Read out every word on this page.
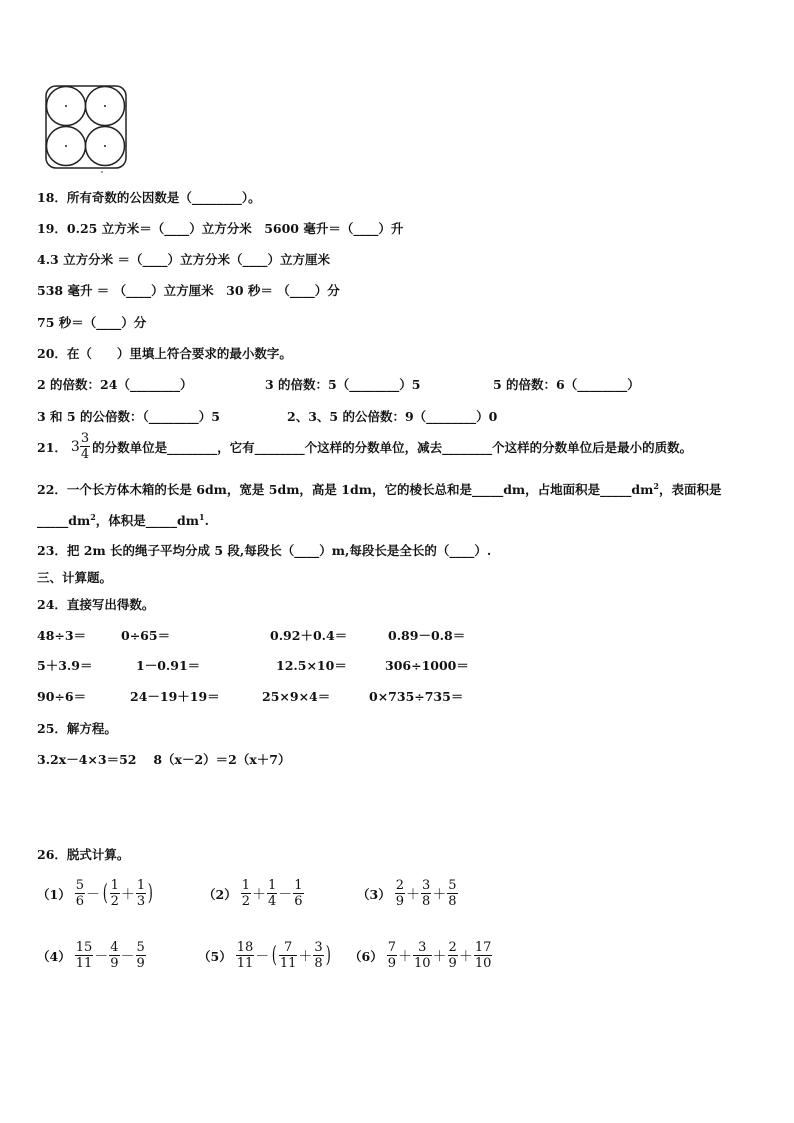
18．所有奇数的公因数是（________）。
19．0.25 立方米＝（____）立方分米　5600 毫升＝（____）升
4.3 立方分米 ＝（____）立方分米（____）立方厘米
538 毫升 ＝ （____）立方厘米　30 秒＝ （____）分
75 秒＝（____）分
20．在（　　）里填上符合要求的最小数字。
2 的倍数：24（________）	3 的倍数：5（________）5	5 的倍数：6（________）
3 和 5 的公倍数：（________）5	2、3、5 的公倍数：9（________）0
21． $3 \frac{3}{4}$ 的分数单位是________，它有________个这样的分数单位，减去________个这样的分数单位后是最小的质数。
22．一个长方体木箱的长是 6dm，宽是 5dm，高是 1dm，它的棱长总和是_____dm，占地面积是$\_\_\_\_\_dm^2$，表面积是
$\_\_\_\_\_dm^2$，体积是$\_\_\_\_\_dm^1$.
23．把 2m 长的绳子平均分成 5 段,每段长（____）m,每段长是全长的（____）.
三、计算题。
24．直接写出得数。
48÷3＝	0÷65＝	0.92＋0.4＝	0.89－0.8＝
5＋3.9＝	1－0.91＝	12.5×10＝	306÷1000＝
90÷6＝	24－19＋19＝	25×9×4＝	0×735÷735＝
25．解方程。
3.2x－4×3＝52　 8（x－2）＝2（x＋7）
26．脱式计算。
$(1) \frac{5}{6}$ － ( $\frac{1}{2} + \frac{1}{3}$ )	$(2) \frac{1}{2} + \frac{1}{4} - \frac{1}{6}$	$(3) \frac{2}{9} + \frac{3}{8} + \frac{5}{8}$
$(4) \frac{15}{11} - \frac{4}{9} - \frac{5}{9}$	$(5) \frac{18}{11}$ － ( $\frac{7}{11} + \frac{3}{8}$ ) $(6) \frac{7}{9} + \frac{3}{10} + \frac{2}{9} + \frac{17}{10}$
